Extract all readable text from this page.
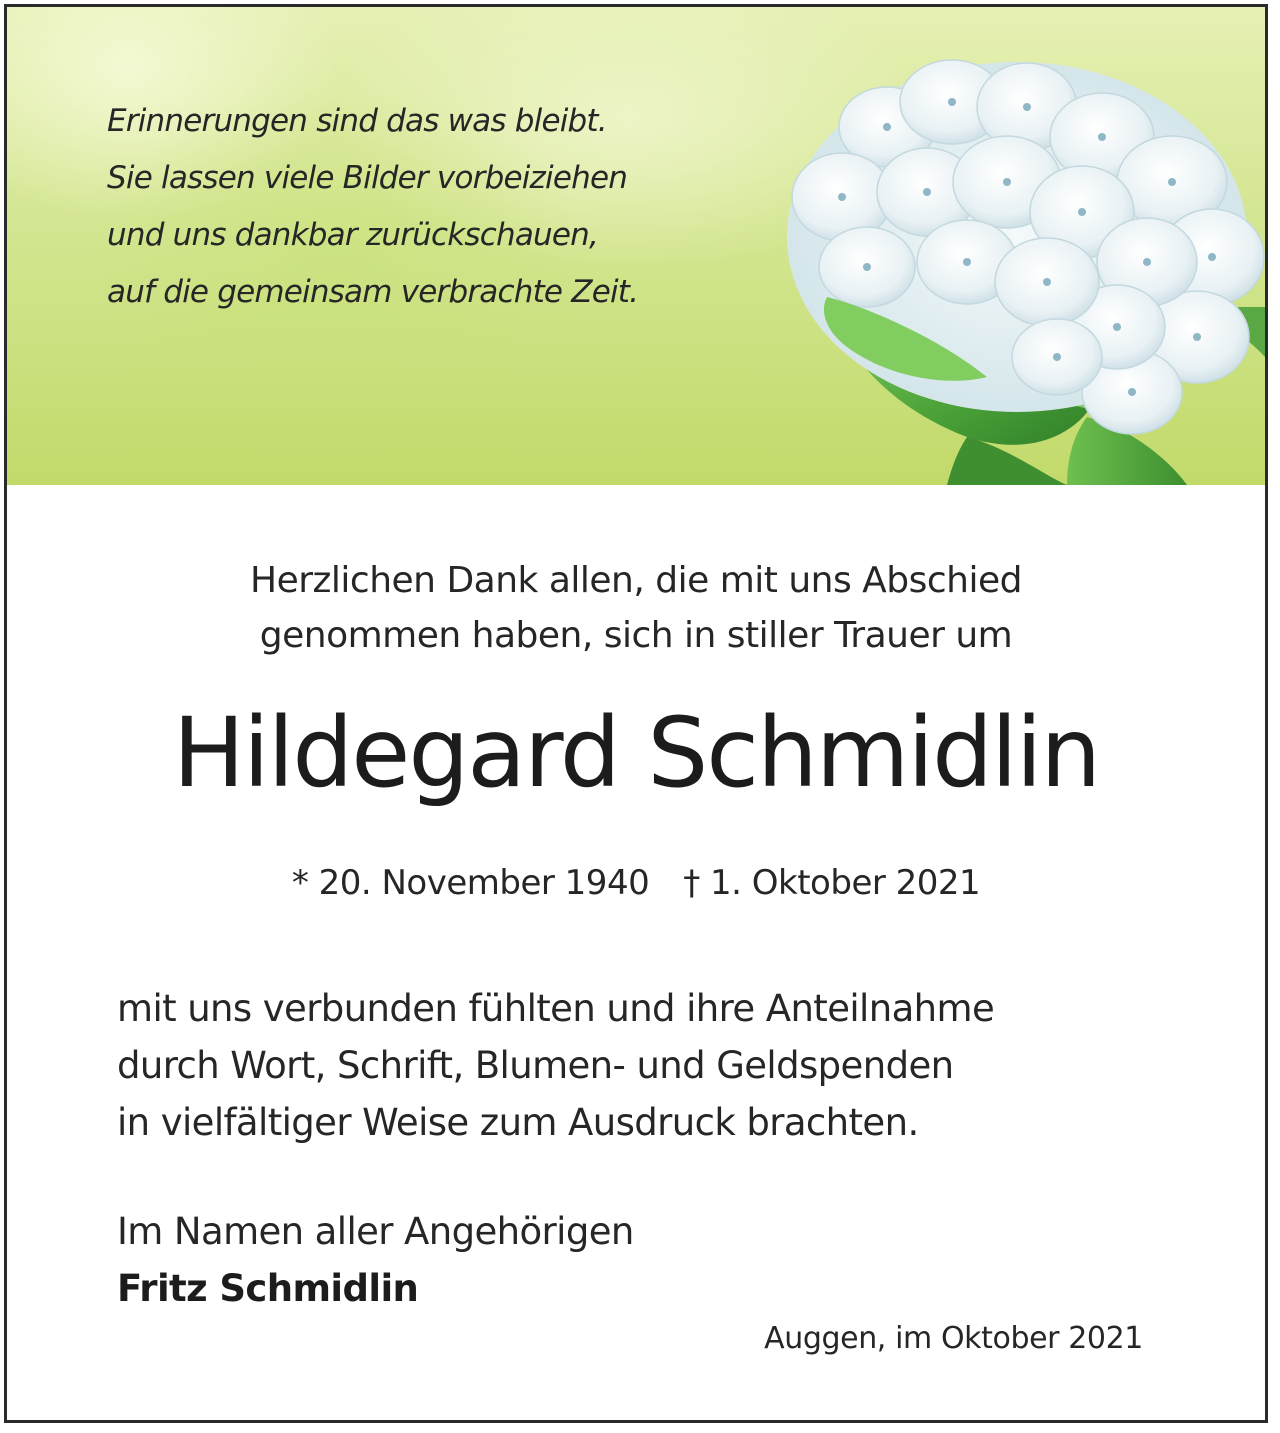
Erinnerungen sind das was bleibt.
Sie lassen viele Bilder vorbeiziehen
und uns dankbar zurückschauen,
auf die gemeinsam verbrachte Zeit.
Herzlichen Dank allen, die mit uns Abschied
genommen haben, sich in stiller Trauer um
Hildegard Schmidlin
* 20. November 1940 † 1. Oktober 2021
mit uns verbunden fühlten und ihre Anteilnahme
durch Wort, Schrift, Blumen- und Geldspenden
in vielfältiger Weise zum Ausdruck brachten.
Im Namen aller Angehörigen
Fritz Schmidlin
Auggen, im Oktober 2021
